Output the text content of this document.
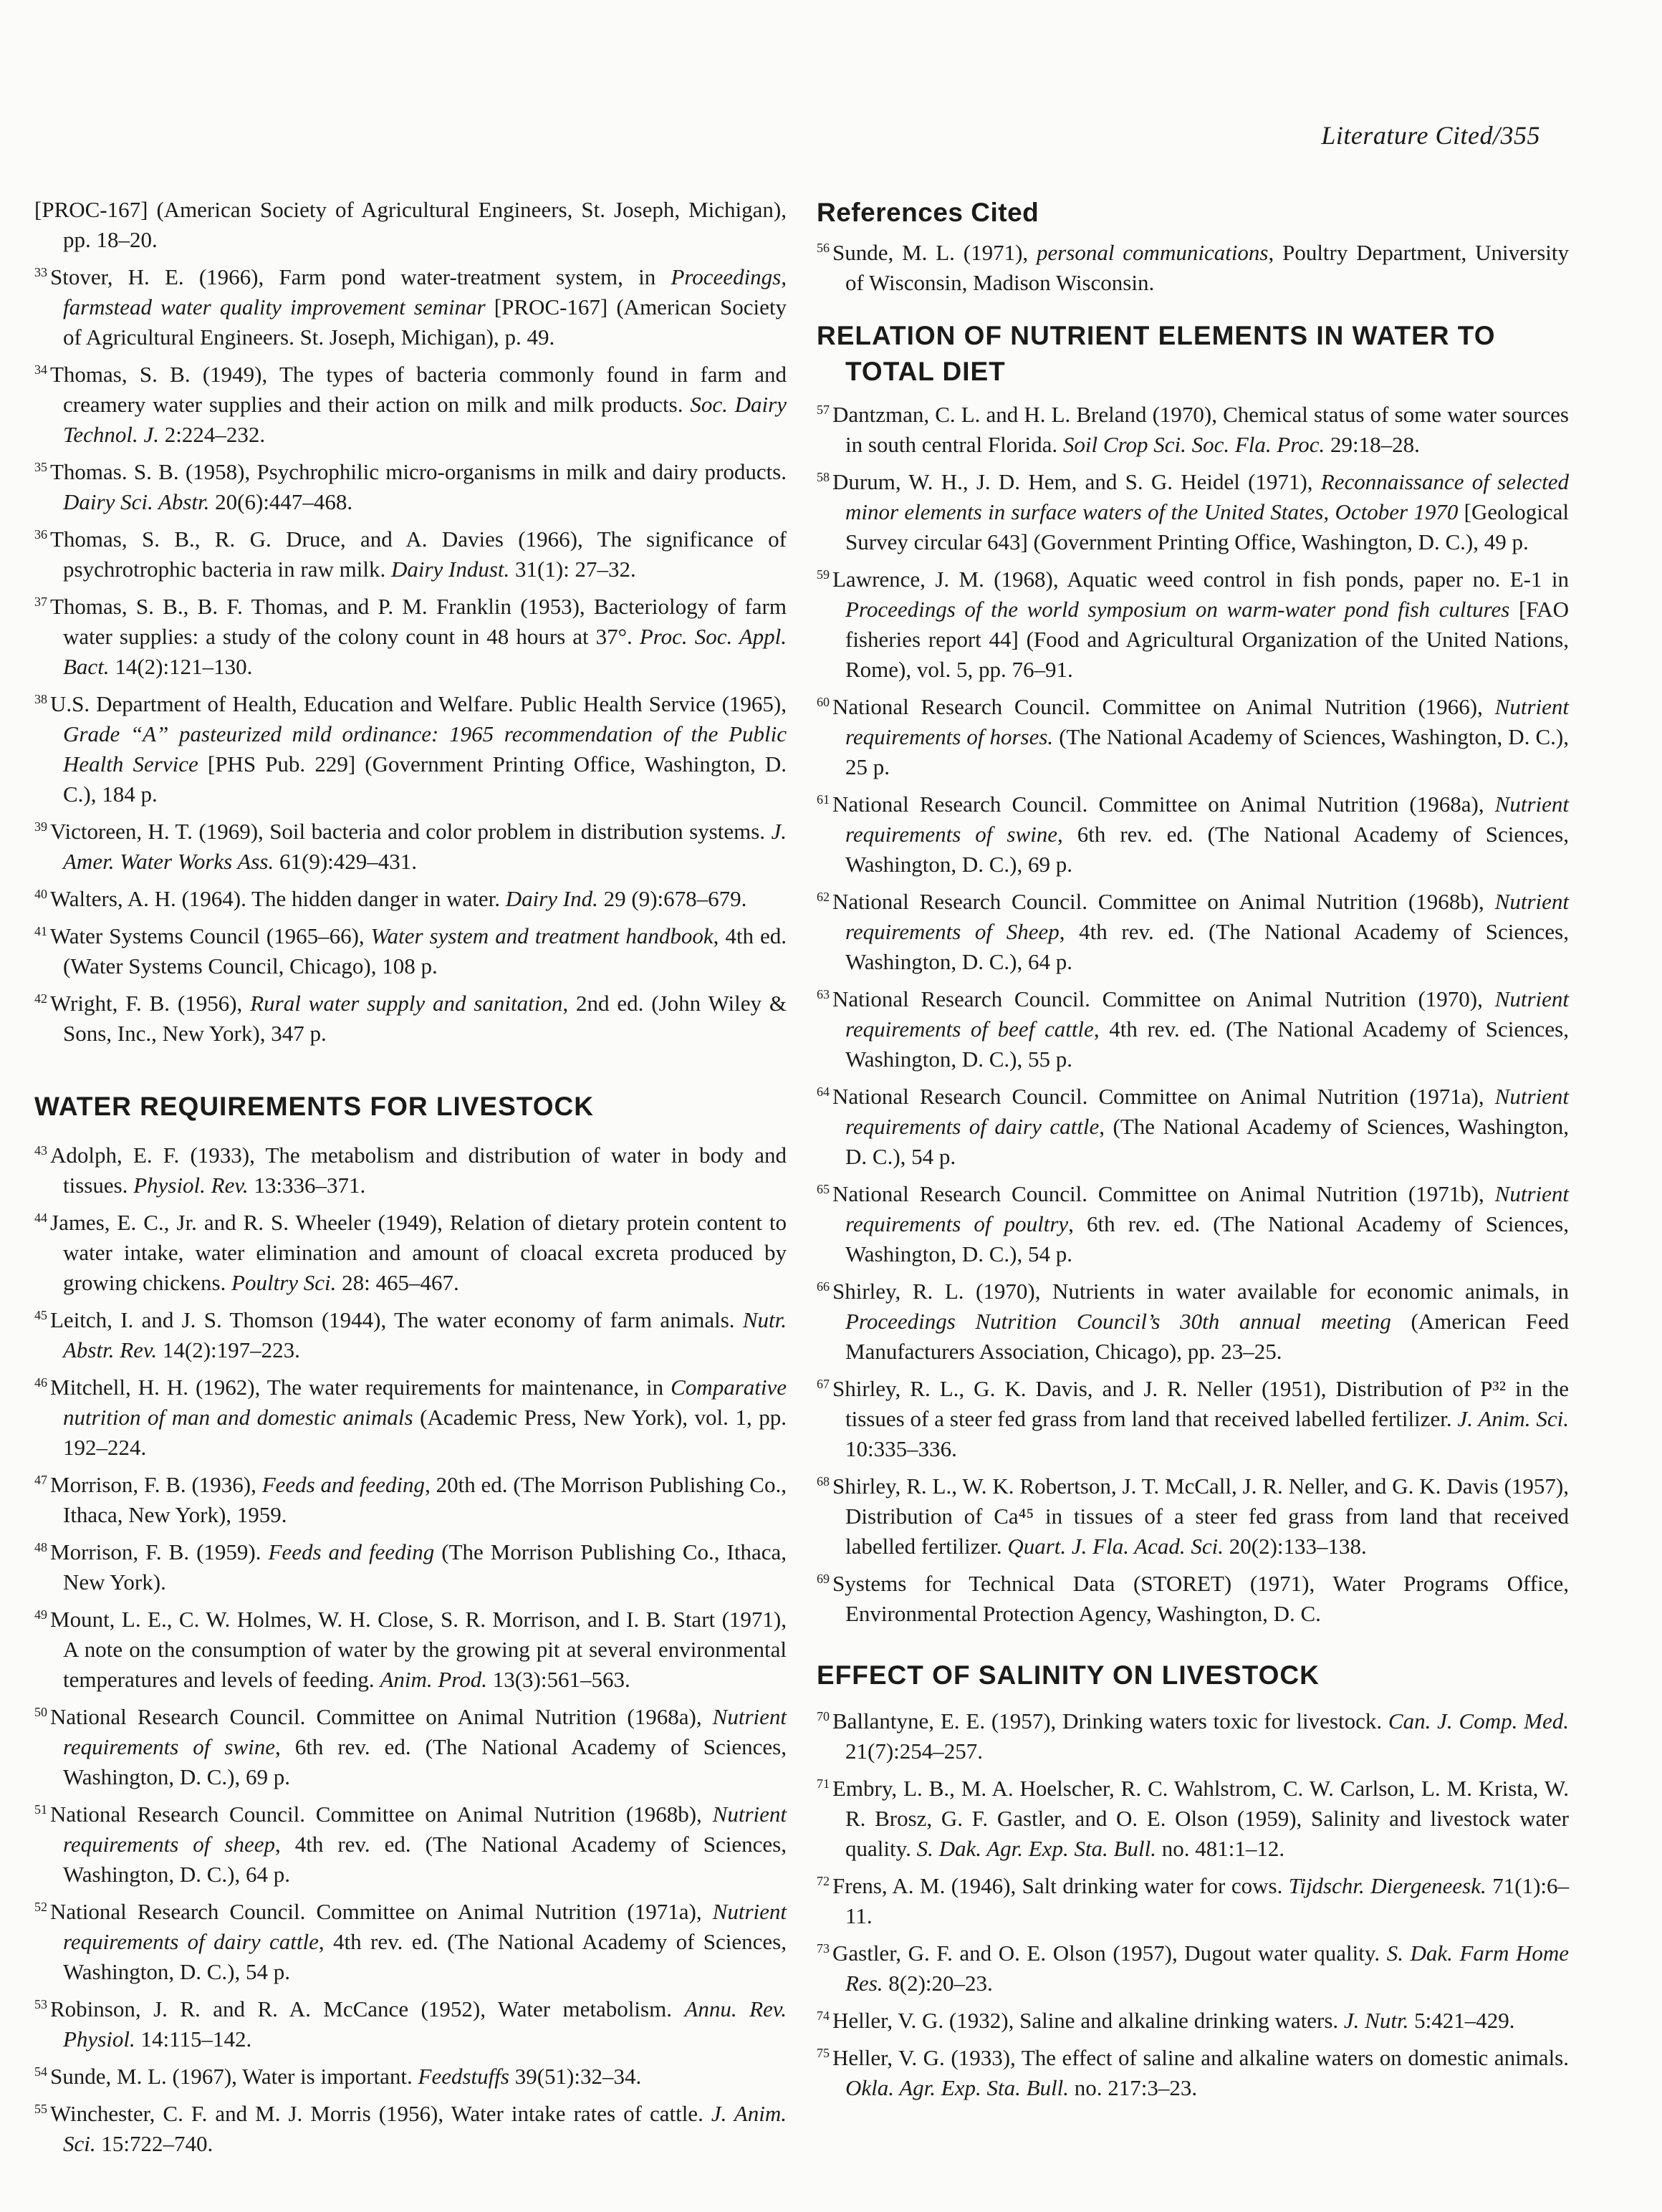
Literature Cited/355
[PROC-167] (American Society of Agricultural Engineers, St. Joseph, Michigan), pp. 18–20.
$^{33}$ Stover, H. E. (1966), Farm pond water-treatment system, in Proceedings, farmstead water quality improvement seminar [PROC-167] (American Society of Agricultural Engineers. St. Joseph, Michigan), p. 49.
$^{34}$ Thomas, S. B. (1949), The types of bacteria commonly found in farm and creamery water supplies and their action on milk and milk products. Soc. Dairy Technol. J. 2:224–232.
$^{35}$ Thomas. S. B. (1958), Psychrophilic micro-organisms in milk and dairy products. Dairy Sci. Abstr. 20(6):447–468.
$^{36}$ Thomas, S. B., R. G. Druce, and A. Davies (1966), The significance of psychrotrophic bacteria in raw milk. Dairy Indust. 31(1): 27–32.
$^{37}$ Thomas, S. B., B. F. Thomas, and P. M. Franklin (1953), Bacteriology of farm water supplies: a study of the colony count in 48 hours at 37°. Proc. Soc. Appl. Bact. 14(2):121–130.
$^{38}$ U.S. Department of Health, Education and Welfare. Public Health Service (1965), Grade “A” pasteurized mild ordinance: 1965 recommendation of the Public Health Service [PHS Pub. 229] (Government Printing Office, Washington, D. C.), 184 p.
$^{39}$ Victoreen, H. T. (1969), Soil bacteria and color problem in distribution systems. J. Amer. Water Works Ass. 61(9):429–431.
$^{40}$ Walters, A. H. (1964). The hidden danger in water. Dairy Ind. 29 (9):678–679.
$^{41}$ Water Systems Council (1965–66), Water system and treatment handbook, 4th ed. (Water Systems Council, Chicago), 108 p.
$^{42}$ Wright, F. B. (1956), Rural water supply and sanitation, 2nd ed. (John Wiley & Sons, Inc., New York), 347 p.
WATER REQUIREMENTS FOR LIVESTOCK
$^{43}$ Adolph, E. F. (1933), The metabolism and distribution of water in body and tissues. Physiol. Rev. 13:336–371.
$^{44}$ James, E. C., Jr. and R. S. Wheeler (1949), Relation of dietary protein content to water intake, water elimination and amount of cloacal excreta produced by growing chickens. Poultry Sci. 28: 465–467.
$^{45}$ Leitch, I. and J. S. Thomson (1944), The water economy of farm animals. Nutr. Abstr. Rev. 14(2):197–223.
$^{46}$ Mitchell, H. H. (1962), The water requirements for maintenance, in Comparative nutrition of man and domestic animals (Academic Press, New York), vol. 1, pp. 192–224.
$^{47}$ Morrison, F. B. (1936), Feeds and feeding, 20th ed. (The Morrison Publishing Co., Ithaca, New York), 1959.
$^{48}$ Morrison, F. B. (1959). Feeds and feeding (The Morrison Publishing Co., Ithaca, New York).
$^{49}$ Mount, L. E., C. W. Holmes, W. H. Close, S. R. Morrison, and I. B. Start (1971), A note on the consumption of water by the growing pit at several environmental temperatures and levels of feeding. Anim. Prod. 13(3):561–563.
$^{50}$ National Research Council. Committee on Animal Nutrition (1968a), Nutrient requirements of swine, 6th rev. ed. (The National Academy of Sciences, Washington, D. C.), 69 p.
$^{51}$ National Research Council. Committee on Animal Nutrition (1968b), Nutrient requirements of sheep, 4th rev. ed. (The National Academy of Sciences, Washington, D. C.), 64 p.
$^{52}$ National Research Council. Committee on Animal Nutrition (1971a), Nutrient requirements of dairy cattle, 4th rev. ed. (The National Academy of Sciences, Washington, D. C.), 54 p.
$^{53}$ Robinson, J. R. and R. A. McCance (1952), Water metabolism. Annu. Rev. Physiol. 14:115–142.
$^{54}$ Sunde, M. L. (1967), Water is important. Feedstuffs 39(51):32–34.
$^{55}$ Winchester, C. F. and M. J. Morris (1956), Water intake rates of cattle. J. Anim. Sci. 15:722–740.
References Cited
$^{56}$ Sunde, M. L. (1971), personal communications, Poultry Department, University of Wisconsin, Madison Wisconsin.
RELATION OF NUTRIENT ELEMENTS IN WATER TO TOTAL DIET
$^{57}$ Dantzman, C. L. and H. L. Breland (1970), Chemical status of some water sources in south central Florida. Soil Crop Sci. Soc. Fla. Proc. 29:18–28.
$^{58}$ Durum, W. H., J. D. Hem, and S. G. Heidel (1971), Reconnaissance of selected minor elements in surface waters of the United States, October 1970 [Geological Survey circular 643] (Government Printing Office, Washington, D. C.), 49 p.
$^{59}$ Lawrence, J. M. (1968), Aquatic weed control in fish ponds, paper no. E-1 in Proceedings of the world symposium on warm-water pond fish cultures [FAO fisheries report 44] (Food and Agricultural Organization of the United Nations, Rome), vol. 5, pp. 76–91.
$^{60}$ National Research Council. Committee on Animal Nutrition (1966), Nutrient requirements of horses. (The National Academy of Sciences, Washington, D. C.), 25 p.
$^{61}$ National Research Council. Committee on Animal Nutrition (1968a), Nutrient requirements of swine, 6th rev. ed. (The National Academy of Sciences, Washington, D. C.), 69 p.
$^{62}$ National Research Council. Committee on Animal Nutrition (1968b), Nutrient requirements of Sheep, 4th rev. ed. (The National Academy of Sciences, Washington, D. C.), 64 p.
$^{63}$ National Research Council. Committee on Animal Nutrition (1970), Nutrient requirements of beef cattle, 4th rev. ed. (The National Academy of Sciences, Washington, D. C.), 55 p.
$^{64}$ National Research Council. Committee on Animal Nutrition (1971a), Nutrient requirements of dairy cattle, (The National Academy of Sciences, Washington, D. C.), 54 p.
$^{65}$ National Research Council. Committee on Animal Nutrition (1971b), Nutrient requirements of poultry, 6th rev. ed. (The National Academy of Sciences, Washington, D. C.), 54 p.
$^{66}$ Shirley, R. L. (1970), Nutrients in water available for economic animals, in Proceedings Nutrition Council’s 30th annual meeting (American Feed Manufacturers Association, Chicago), pp. 23–25.
$^{67}$ Shirley, R. L., G. K. Davis, and J. R. Neller (1951), Distribution of P³² in the tissues of a steer fed grass from land that received labelled fertilizer. J. Anim. Sci. 10:335–336.
$^{68}$ Shirley, R. L., W. K. Robertson, J. T. McCall, J. R. Neller, and G. K. Davis (1957), Distribution of Ca⁴⁵ in tissues of a steer fed grass from land that received labelled fertilizer. Quart. J. Fla. Acad. Sci. 20(2):133–138.
$^{69}$ Systems for Technical Data (STORET) (1971), Water Programs Office, Environmental Protection Agency, Washington, D. C.
EFFECT OF SALINITY ON LIVESTOCK
$^{70}$ Ballantyne, E. E. (1957), Drinking waters toxic for livestock. Can. J. Comp. Med. 21(7):254–257.
$^{71}$ Embry, L. B., M. A. Hoelscher, R. C. Wahlstrom, C. W. Carlson, L. M. Krista, W. R. Brosz, G. F. Gastler, and O. E. Olson (1959), Salinity and livestock water quality. S. Dak. Agr. Exp. Sta. Bull. no. 481:1–12.
$^{72}$ Frens, A. M. (1946), Salt drinking water for cows. Tijdschr. Diergeneesk. 71(1):6–11.
$^{73}$ Gastler, G. F. and O. E. Olson (1957), Dugout water quality. S. Dak. Farm Home Res. 8(2):20–23.
$^{74}$ Heller, V. G. (1932), Saline and alkaline drinking waters. J. Nutr. 5:421–429.
$^{75}$ Heller, V. G. (1933), The effect of saline and alkaline waters on domestic animals. Okla. Agr. Exp. Sta. Bull. no. 217:3–23.
